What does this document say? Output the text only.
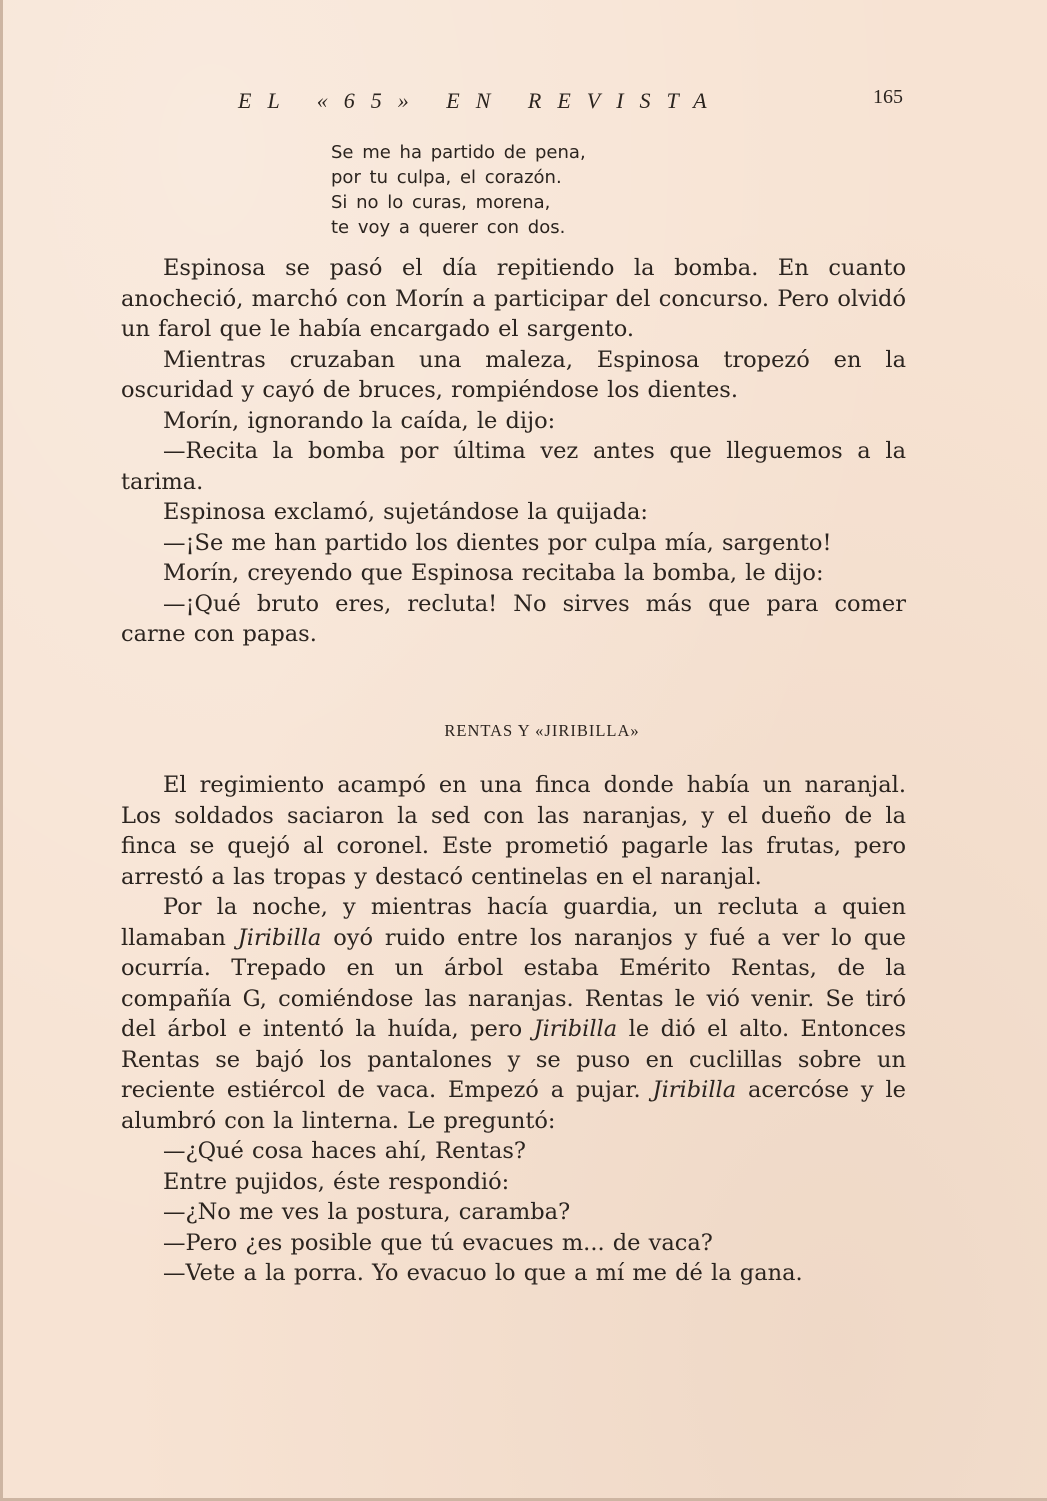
EL «65» EN REVISTA	165
Se me ha partido de pena,
por tu culpa, el corazón.
Si no lo curas, morena,
te voy a querer con dos.

Espinosa se pasó el día repitiendo la bomba. En cuanto anocheció, marchó con Morín a participar del concurso. Pero olvidó un farol que le había encargado el sargento.

Mientras cruzaban una maleza, Espinosa tropezó en la oscuridad y cayó de bruces, rompiéndose los dientes.

Morín, ignorando la caída, le dijo:

—Recita la bomba por última vez antes que lleguemos a la tarima.

Espinosa exclamó, sujetándose la quijada:

—¡Se me han partido los dientes por culpa mía, sargento!

Morín, creyendo que Espinosa recitaba la bomba, le dijo:

—¡Qué bruto eres, recluta! No sirves más que para comer carne con papas.

RENTAS Y «JIRIBILLA»

El regimiento acampó en una finca donde había un naranjal. Los soldados saciaron la sed con las naranjas, y el dueño de la finca se quejó al coronel. Este prometió pagarle las frutas, pero arrestó a las tropas y destacó centinelas en el naranjal.

Por la noche, y mientras hacía guardia, un recluta a quien llamaban Jiribilla oyó ruido entre los naranjos y fué a ver lo que ocurría. Trepado en un árbol estaba Emérito Rentas, de la compañía G, comiéndose las naranjas. Rentas le vió venir. Se tiró del árbol e intentó la huída, pero Jiribilla le dió el alto. Entonces Rentas se bajó los pantalones y se puso en cuclillas sobre un reciente estiércol de vaca. Empezó a pujar. Jiribilla acercóse y le alumbró con la linterna. Le preguntó:

—¿Qué cosa haces ahí, Rentas?

Entre pujidos, éste respondió:

—¿No me ves la postura, caramba?

—Pero ¿es posible que tú evacues m... de vaca?

—Vete a la porra. Yo evacuo lo que a mí me dé la gana.
